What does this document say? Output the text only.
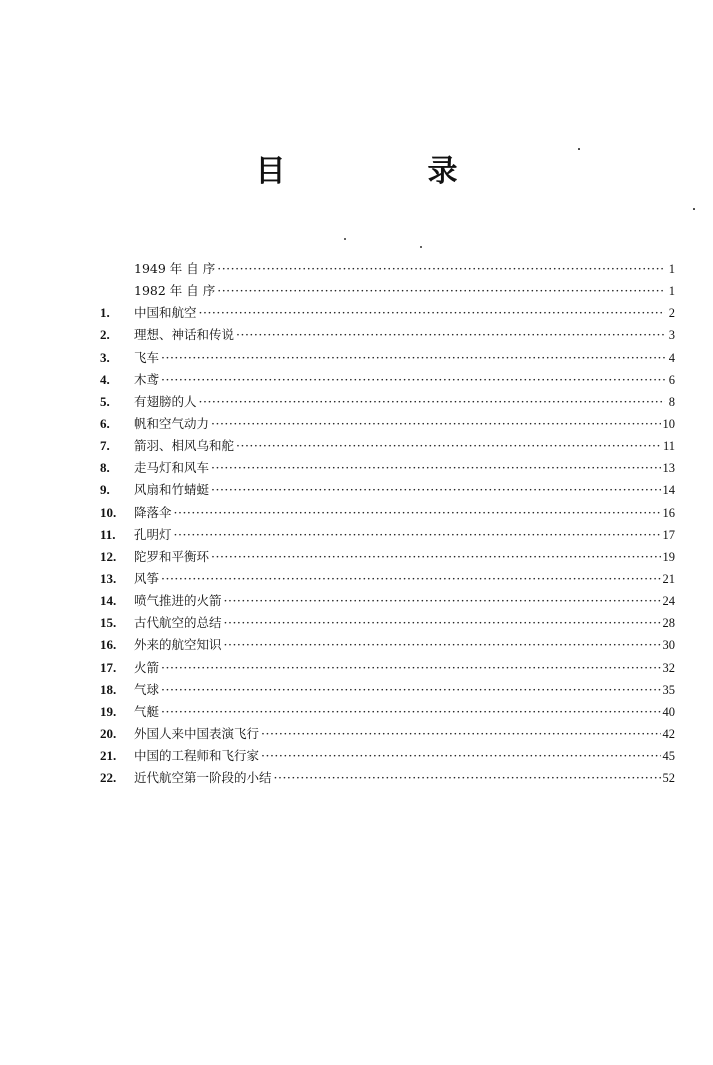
目　录
1949 年 自 序 ·····	1
1982 年 自 序 ·····	1
1.	中国和航空 ·····	2
2.	理想、神话和传说 ·····	3
3.	飞车 ·····	4
4.	木鸢 ·····	6
5.	有翅膀的人 ·····	8
6.	帆和空气动力 ·····	10
7.	箭羽、相风乌和舵 ·····	11
8.	走马灯和风车 ·····	13
9.	风扇和竹蜻蜓 ·····	14
10.	降落伞 ·····	16
11.	孔明灯 ·····	17
12.	陀罗和平衡环 ·····	19
13.	风筝 ·····	21
14.	喷气推进的火箭 ·····	24
15.	古代航空的总结 ·····	28
16.	外来的航空知识 ·····	30
17.	火箭 ·····	32
18.	气球 ·····	35
19.	气艇 ·····	40
20.	外国人来中国表演飞行 ·····	42
21.	中国的工程师和飞行家 ·····	45
22.	近代航空第一阶段的小结 ·····	52
